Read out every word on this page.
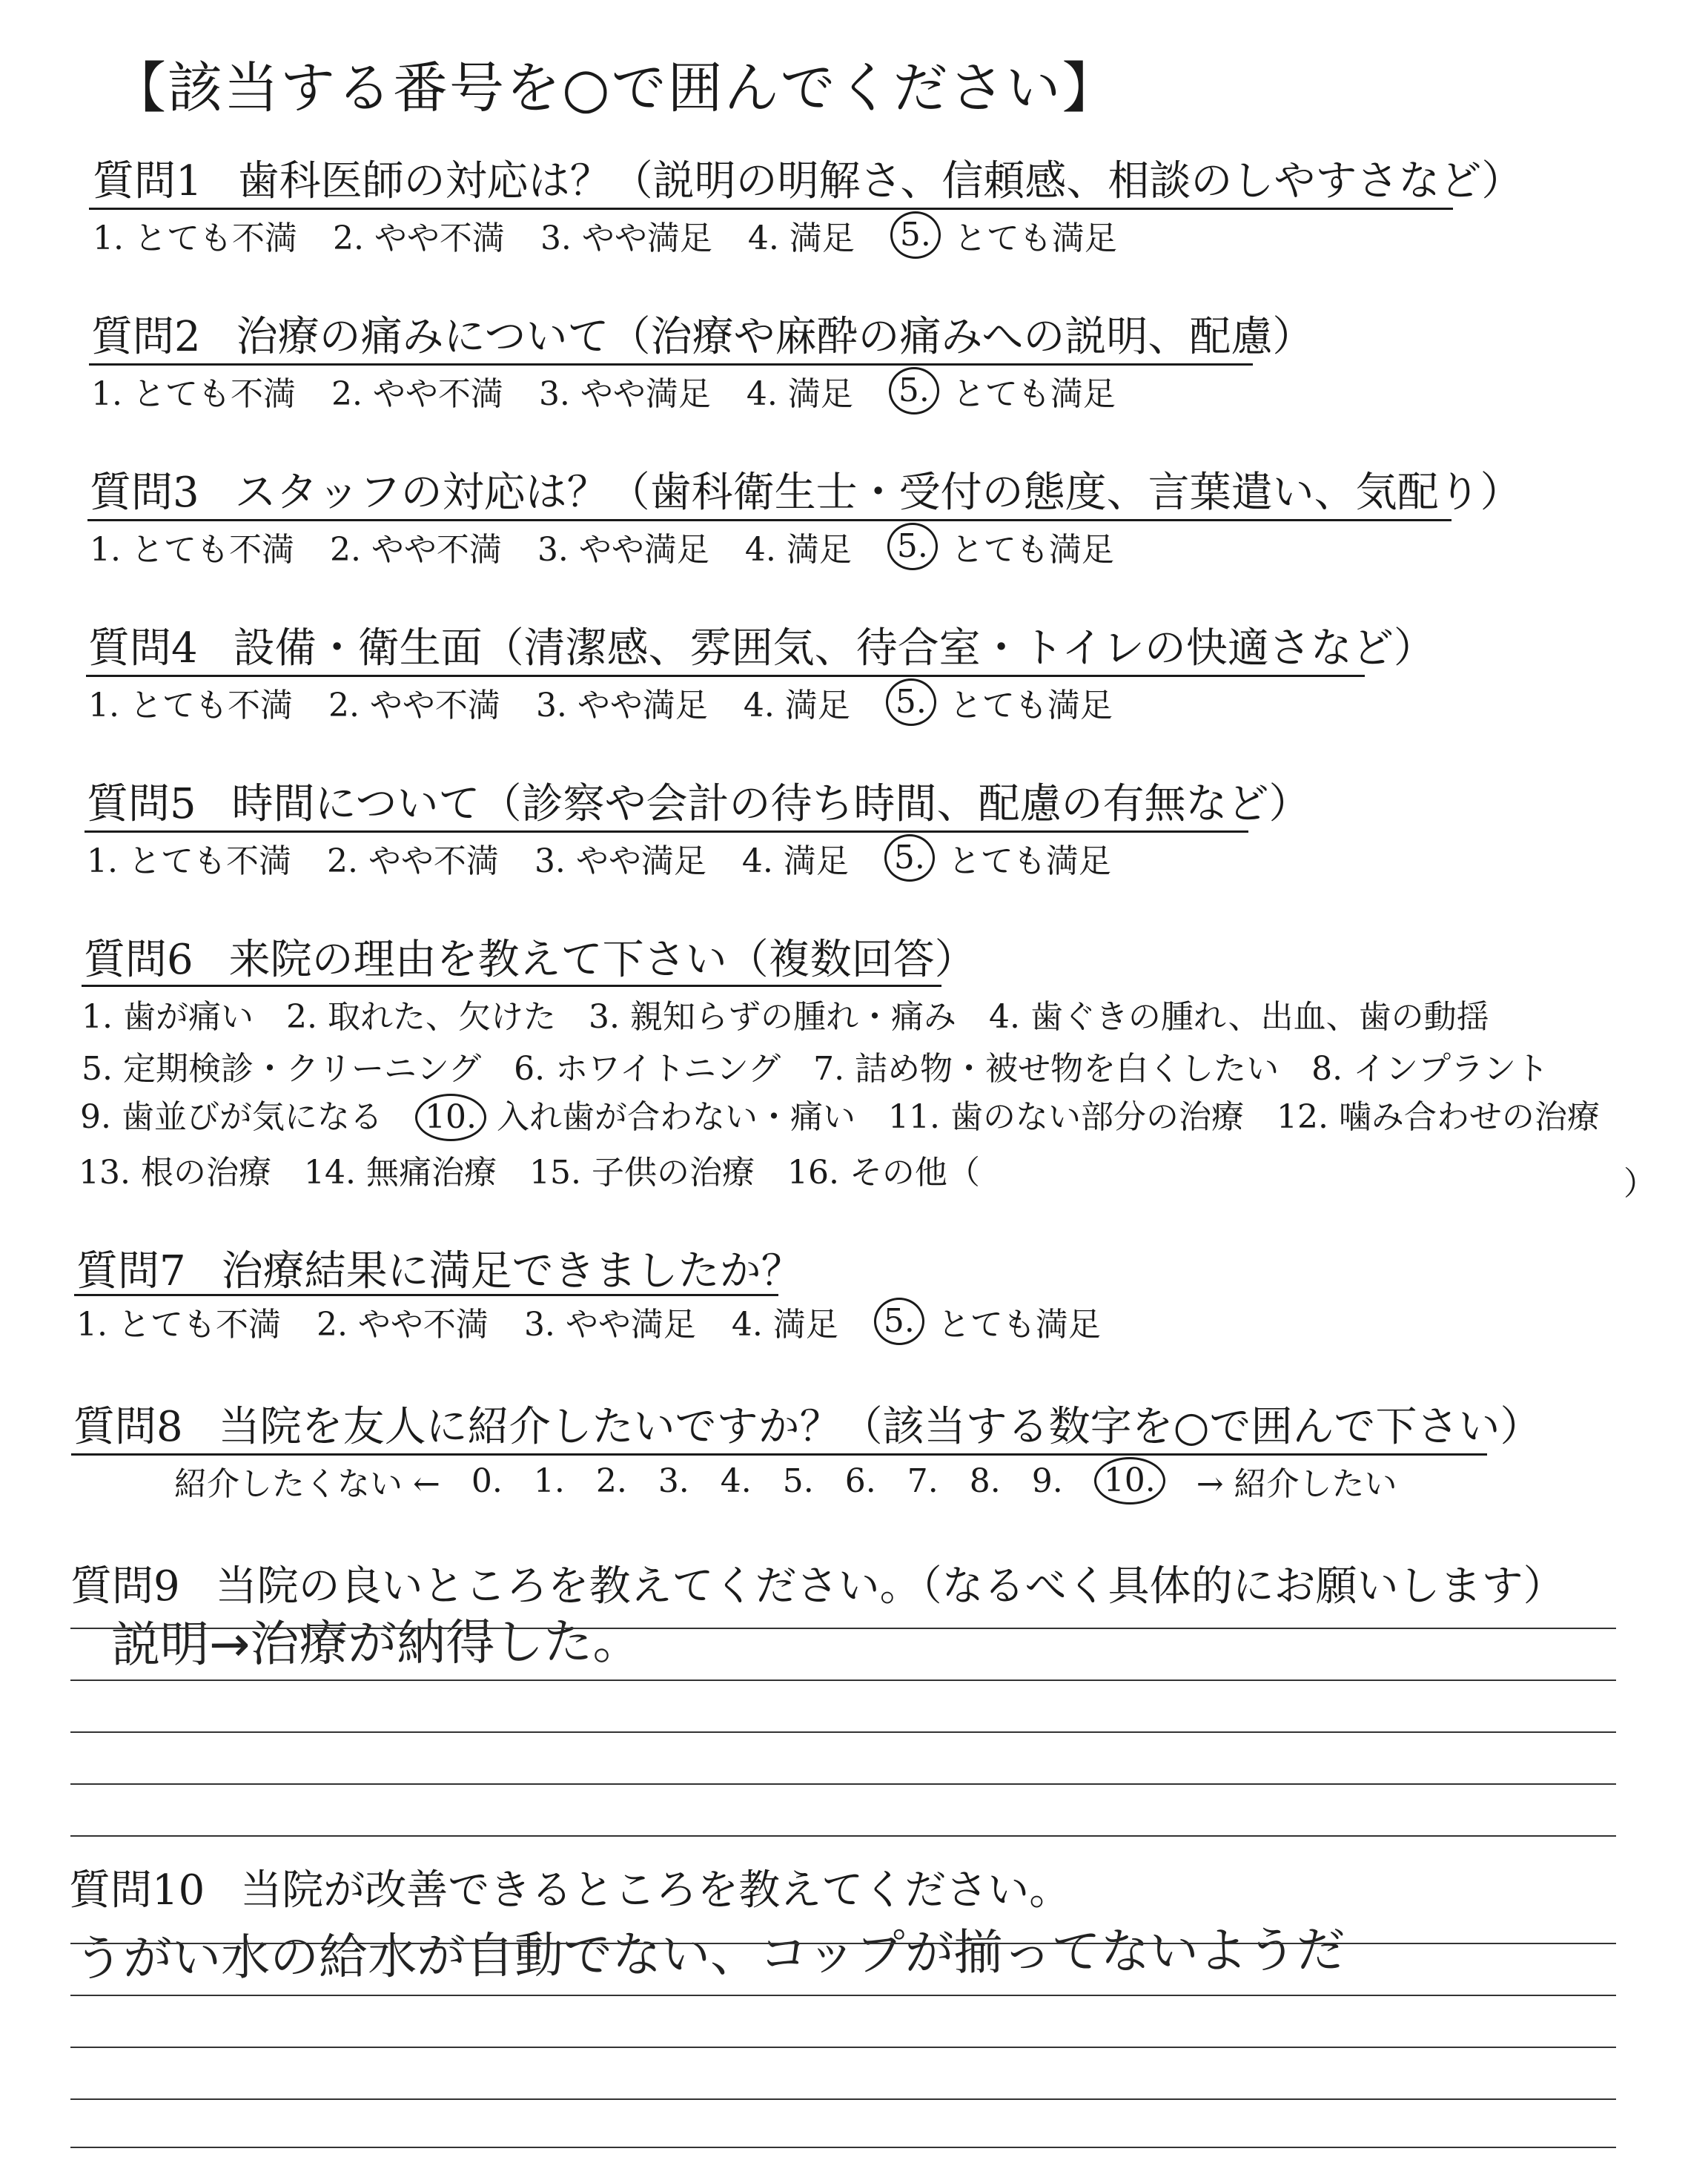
【該当する番号を○で囲んでください】
質問1 歯科医師の対応は？（説明の明解さ、信頼感、相談のしやすさなど）
1. とても不満 2. やや不満 3. やや満足 4. 満足 5. とても満足
質問2 治療の痛みについて（治療や麻酔の痛みへの説明、配慮）
1. とても不満 2. やや不満 3. やや満足 4. 満足 5. とても満足
質問3 スタッフの対応は？（歯科衛生士・受付の態度、言葉遣い、気配り）
1. とても不満 2. やや不満 3. やや満足 4. 満足 5. とても満足
質問4 設備・衛生面（清潔感、雰囲気、待合室・トイレの快適さなど）
1. とても不満 2. やや不満 3. やや満足 4. 満足 5. とても満足
質問5 時間について（診察や会計の待ち時間、配慮の有無など）
1. とても不満 2. やや不満 3. やや満足 4. 満足 5. とても満足
質問6 来院の理由を教えて下さい（複数回答）
1. 歯が痛い 2. 取れた、欠けた 3. 親知らずの腫れ・痛み 4. 歯ぐきの腫れ、出血、歯の動揺
5. 定期検診・クリーニング 6. ホワイトニング 7. 詰め物・被せ物を白くしたい 8. インプラント
9. 歯並びが気になる 10. 入れ歯が合わない・痛い 11. 歯のない部分の治療 12. 噛み合わせの治療
13. 根の治療 14. 無痛治療 15. 子供の治療 16. その他（	）
質問7 治療結果に満足できましたか？
1. とても不満 2. やや不満 3. やや満足 4. 満足 5. とても満足
質問8 当院を友人に紹介したいですか？（該当する数字を○で囲んで下さい）
紹介したくない ← 0. 1. 2. 3. 4. 5. 6. 7. 8. 9. 10. → 紹介したい
質問9 当院の良いところを教えてください。（なるべく具体的にお願いします）
説明→治療が納得した。
質問10 当院が改善できるところを教えてください。
うがい水の給水が自動でない、コップが揃ってないようだ
